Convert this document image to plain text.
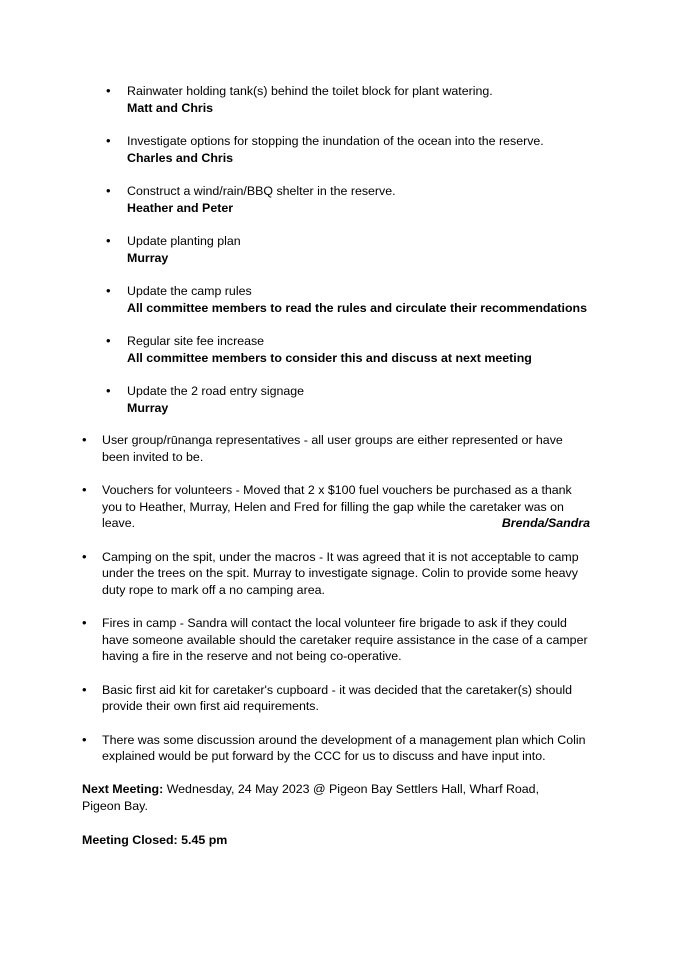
• Rainwater holding tank(s) behind the toilet block for plant watering.
Matt and Chris
• Investigate options for stopping the inundation of the ocean into the reserve.
Charles and Chris
• Construct a wind/rain/BBQ shelter in the reserve.
Heather and Peter
• Update planting plan
Murray
• Update the camp rules
All committee members to read the rules and circulate their recommendations
• Regular site fee increase
All committee members to consider this and discuss at next meeting
• Update the 2 road entry signage
Murray
• User group/rūnanga representatives - all user groups are either represented or have been invited to be.
• Vouchers for volunteers - Moved that 2 x $100 fuel vouchers be purchased as a thank you to Heather, Murray, Helen and Fred for filling the gap while the caretaker was on
leave.	Brenda/Sandra
• Camping on the spit, under the macros - It was agreed that it is not acceptable to camp under the trees on the spit. Murray to investigate signage. Colin to provide some heavy duty rope to mark off a no camping area.
• Fires in camp - Sandra will contact the local volunteer fire brigade to ask if they could have someone available should the caretaker require assistance in the case of a camper having a fire in the reserve and not being co-operative.
• Basic first aid kit for caretaker's cupboard - it was decided that the caretaker(s) should provide their own first aid requirements.
• There was some discussion around the development of a management plan which Colin explained would be put forward by the CCC for us to discuss and have input into.
Next Meeting: Wednesday, 24 May 2023 @ Pigeon Bay Settlers Hall, Wharf Road, Pigeon Bay.
Meeting Closed: 5.45 pm
